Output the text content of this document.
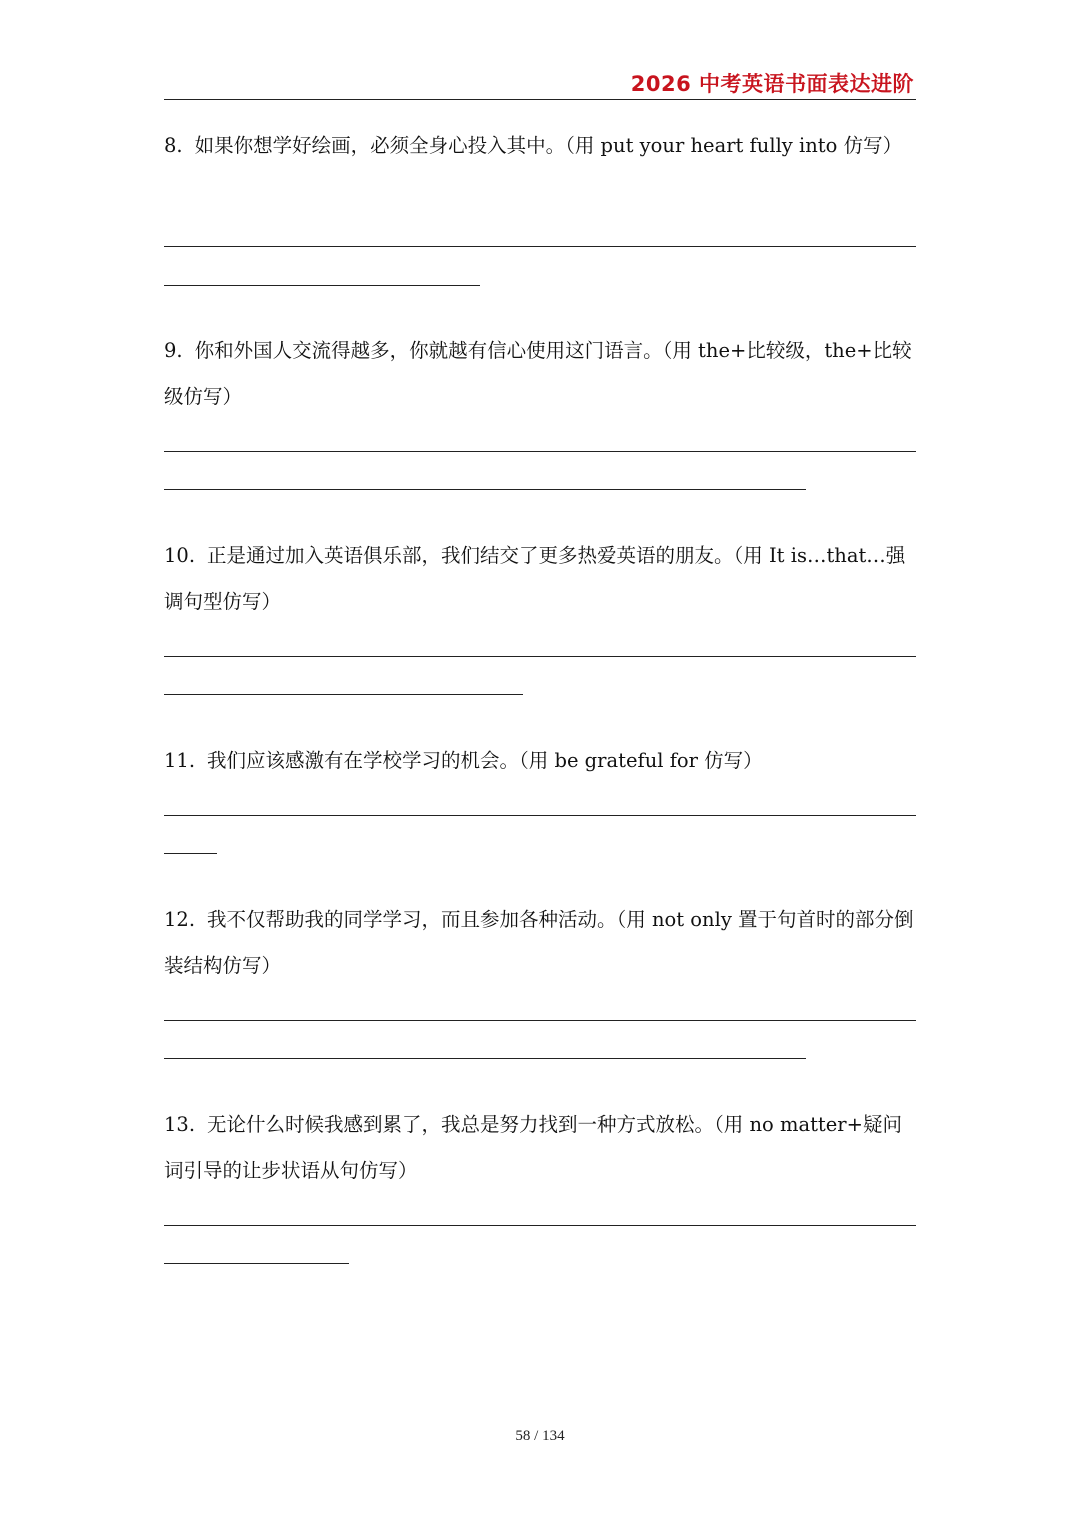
2026 中考英语书面表达进阶
8. 如果你想学好绘画，必须全身心投入其中。（用 put your heart fully into 仿写）
9. 你和外国人交流得越多，你就越有信心使用这门语言。（用 the+比较级，the+比较级仿写）
10. 正是通过加入英语俱乐部，我们结交了更多热爱英语的朋友。（用 It is…that…强调句型仿写）
11. 我们应该感激有在学校学习的机会。（用 be grateful for 仿写）
12. 我不仅帮助我的同学学习，而且参加各种活动。（用 not only 置于句首时的部分倒装结构仿写）
13. 无论什么时候我感到累了，我总是努力找到一种方式放松。（用 no matter+疑问词引导的让步状语从句仿写）
58 / 134
